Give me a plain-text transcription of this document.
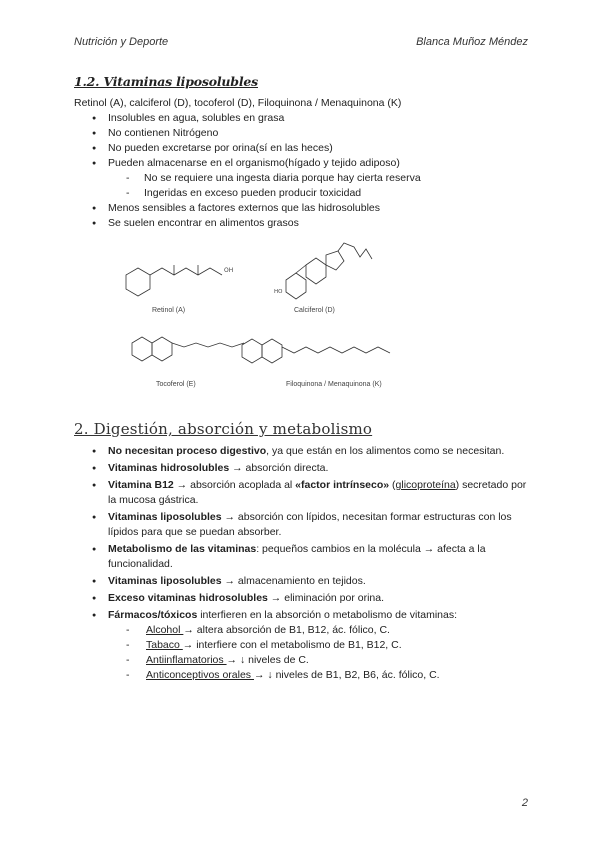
Nutrición y Deporte	Blanca Muñoz Méndez
1.2. Vitaminas liposolubles
Retinol (A), calciferol (D), tocoferol (D), Filoquinona / Menaquinona (K)
● Insolubles en agua, solubles en grasa
● No contienen Nitrógeno
● No pueden excretarse por orina(sí en las heces)
● Pueden almacenarse en el organismo(hígado y tejido adiposo)
- No se requiere una ingesta diaria porque hay cierta reserva
- Ingeridas en exceso pueden producir toxicidad
● Menos sensibles a factores externos que las hidrosolubles
● Se suelen encontrar en alimentos grasos
OH
HO
Retinol (A)	Calciferol (D)
Tocoferol (E)	Filoquinona / Menaquinona (K)
2. Digestión, absorción y metabolismo
● No necesitan proceso digestivo, ya que están en los alimentos como se necesitan.
● Vitaminas hidrosolubles → absorción directa.
● Vitamina B12 → absorción acoplada al «factor intrínseco» (glicoproteína) secretado por la mucosa gástrica.
● Vitaminas liposolubles → absorción con lípidos, necesitan formar estructuras con los lípidos para que se puedan absorber.
● Metabolismo de las vitaminas: pequeños cambios en la molécula → afecta a la funcionalidad.
● Vitaminas liposolubles → almacenamiento en tejidos.
● Exceso vitaminas hidrosolubles → eliminación por orina.
● Fármacos/tóxicos interfieren en la absorción o metabolismo de vitaminas:
- Alcohol → altera absorción de B1, B12, ác. fólico, C.
- Tabaco → interfiere con el metabolismo de B1, B12, C.
- Antiinflamatorios → ↓ niveles de C.
- Anticonceptivos orales → ↓ niveles de B1, B2, B6, ác. fólico, C.
2
